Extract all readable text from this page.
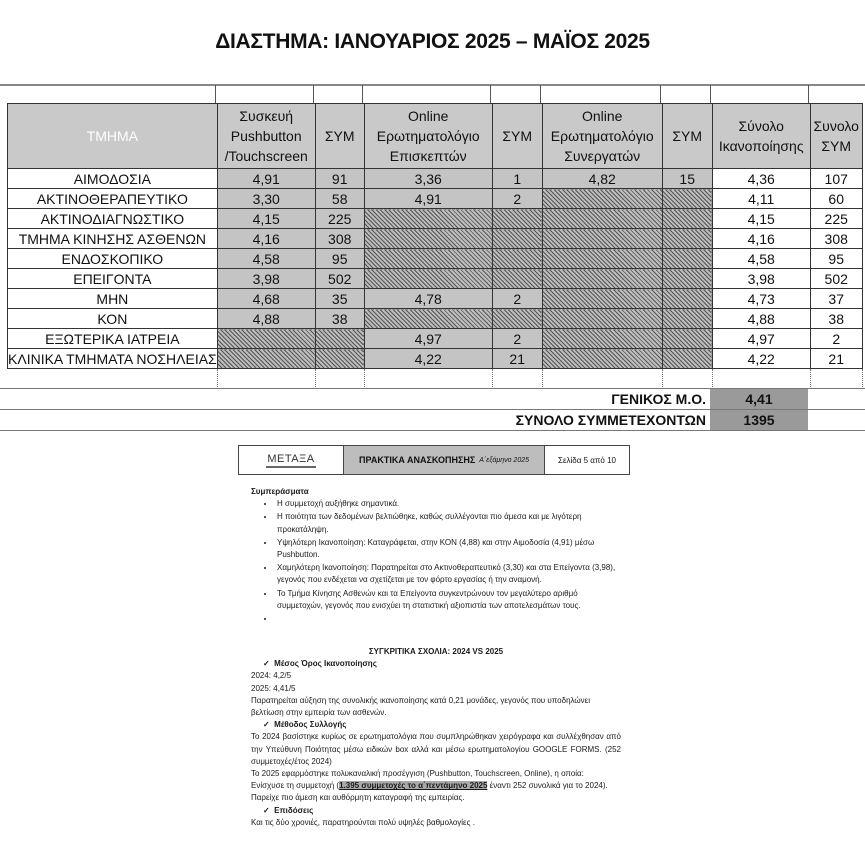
ΔΙΑΣΤΗΜΑ: ΙΑΝΟΥΑΡΙΟΣ 2025 – ΜΑΪΟΣ 2025
ΤΜΗΜΑ	Συσκευή Pushbutton /Touchscreen	ΣΥΜ	Online Ερωτηματολόγιο Επισκεπτών	ΣΥΜ	Online Ερωτηματολόγιο Συνεργατών	ΣΥΜ	Σύνολο Ικανοποίησης	Συνολο ΣΥΜ
ΑΙΜΟΔΟΣΙΑ	4,91	91	3,36	1	4,82	15	4,36	107
ΑΚΤΙΝΟΘΕΡΑΠΕΥΤΙΚΟ	3,30	58	4,91	2			4,11	60
ΑΚΤΙΝΟΔΙΑΓΝΩΣΤΙΚΟ	4,15	225					4,15	225
ΤΜΗΜΑ ΚΙΝΗΣΗΣ ΑΣΘΕΝΩΝ	4,16	308					4,16	308
ΕΝΔΟΣΚΟΠΙΚΟ	4,58	95					4,58	95
ΕΠΕΙΓΟΝΤΑ	3,98	502					3,98	502
ΜΗΝ	4,68	35	4,78	2			4,73	37
ΚΟΝ	4,88	38					4,88	38
ΕΞΩΤΕΡΙΚΑ ΙΑΤΡΕΙΑ			4,97	2			4,97	2
ΚΛΙΝΙΚΑ ΤΜΗΜΑΤΑ ΝΟΣΗΛΕΙΑΣ			4,22	21			4,22	21

ΓΕΝΙΚΟΣ Μ.Ο.	4,41
ΣΥΝΟΛΟ ΣΥΜΜΕΤΕΧΟΝΤΩΝ	1395
METAΞA	ΠΡΑΚΤΙΚΑ ΑΝΑΣΚΟΠΗΣΗΣ Α΄εξάμηνο 2025	Σελίδα 5 από 10
Συμπεράσματα
• Η συμμετοχή αυξήθηκε σημαντικά.
• Η ποιότητα των δεδομένων βελτιώθηκε, καθώς συλλέγονται πιο άμεσα και με λιγότερη προκατάληψη.
• Υψηλότερη Ικανοποίηση: Καταγράφεται, στην ΚΟΝ (4,88) και στην Αιμοδοσία (4,91) μέσω Pushbutton.
• Χαμηλότερη Ικανοποίηση: Παρατηρείται στο Ακτινοθεραπευτικό (3,30) και στα Επείγοντα (3,98), γεγονός που ενδέχεται να σχετίζεται με τον φόρτο εργασίας ή την αναμονή.
• Το Τμήμα Κίνησης Ασθενών και τα Επείγοντα συγκεντρώνουν τον μεγαλύτερο αριθμό συμμετοχών, γεγονός που ενισχύει τη στατιστική αξιοπιστία των αποτελεσμάτων τους.
•
ΣΥΓΚΡΙΤΙΚΑ ΣΧΟΛΙΑ: 2024 VS 2025
✓ Μέσος Όρος Ικανοποίησης
2024: 4,2/5
2025: 4,41/5
Παρατηρείται αύξηση της συνολικής ικανοποίησης κατά 0,21 μονάδες, γεγονός που υποδηλώνει βελτίωση στην εμπειρία των ασθενών.
✓ Μέθοδος Συλλογής
Το 2024 βασίστηκε κυρίως σε ερωτηματολόγια που συμπληρώθηκαν χειρόγραφα και συλλέχθησαν από την Υπεύθυνη Ποιότητας μέσω ειδικών box αλλά και μέσω ερωτηματολογίου GOOGLE FORMS. (252 συμμετοχές/έτος 2024)
Το 2025 εφαρμόστηκε πολυκαναλική προσέγγιση (Pushbutton, Touchscreen, Online), η οποία:
Ενίσχυσε τη συμμετοχή (1.395 συμμετοχές το α΄πεντάμηνο 2025 έναντι 252 συνολικά για το 2024).
Παρείχε πιο άμεση και αυθόρμητη καταγραφή της εμπειρίας.
✓ Επιδόσεις
Και τις δύο χρονιές, παρατηρούνται πολύ υψηλές βαθμολογίες .
